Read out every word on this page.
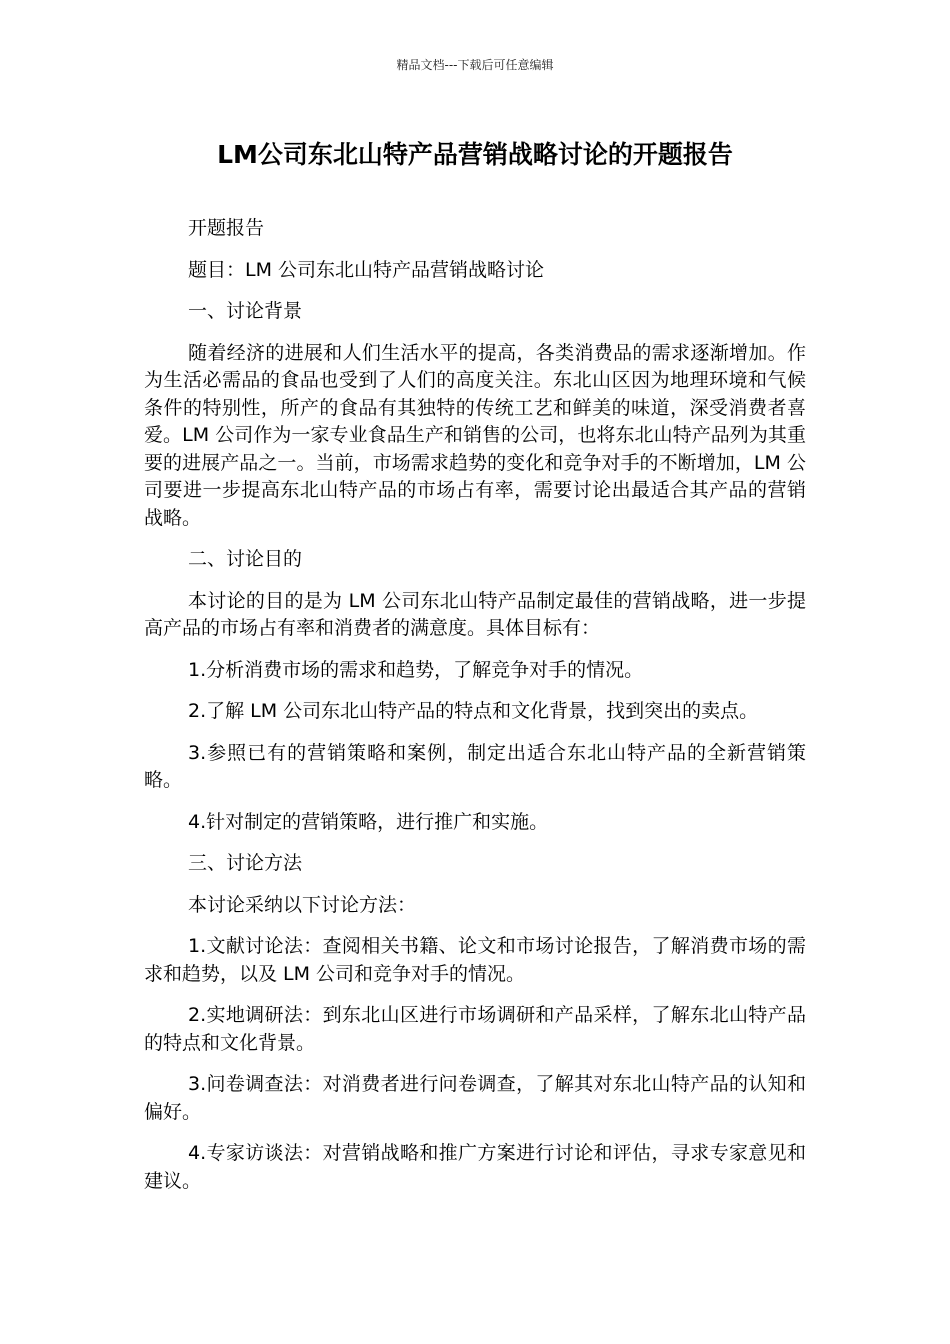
精品文档---下载后可任意编辑
LM公司东北山特产品营销战略讨论的开题报告

开题报告

题目：LM 公司东北山特产品营销战略讨论

一、讨论背景

随着经济的进展和人们生活水平的提高，各类消费品的需求逐渐增加。作为生活必需品的食品也受到了人们的高度关注。东北山区因为地理环境和气候条件的特别性，所产的食品有其独特的传统工艺和鲜美的味道，深受消费者喜爱。LM 公司作为一家专业食品生产和销售的公司，也将东北山特产品列为其重要的进展产品之一。当前，市场需求趋势的变化和竞争对手的不断增加，LM 公司要进一步提高东北山特产品的市场占有率，需要讨论出最适合其产品的营销战略。

二、讨论目的

本讨论的目的是为 LM 公司东北山特产品制定最佳的营销战略，进一步提高产品的市场占有率和消费者的满意度。具体目标有：

1.分析消费市场的需求和趋势，了解竞争对手的情况。

2.了解 LM 公司东北山特产品的特点和文化背景，找到突出的卖点。

3.参照已有的营销策略和案例，制定出适合东北山特产品的全新营销策略。

4.针对制定的营销策略，进行推广和实施。

三、讨论方法

本讨论采纳以下讨论方法：

1.文献讨论法：查阅相关书籍、论文和市场讨论报告，了解消费市场的需求和趋势，以及 LM 公司和竞争对手的情况。

2.实地调研法：到东北山区进行市场调研和产品采样，了解东北山特产品的特点和文化背景。

3.问卷调查法：对消费者进行问卷调查，了解其对东北山特产品的认知和偏好。

4.专家访谈法：对营销战略和推广方案进行讨论和评估，寻求专家意见和建议。
